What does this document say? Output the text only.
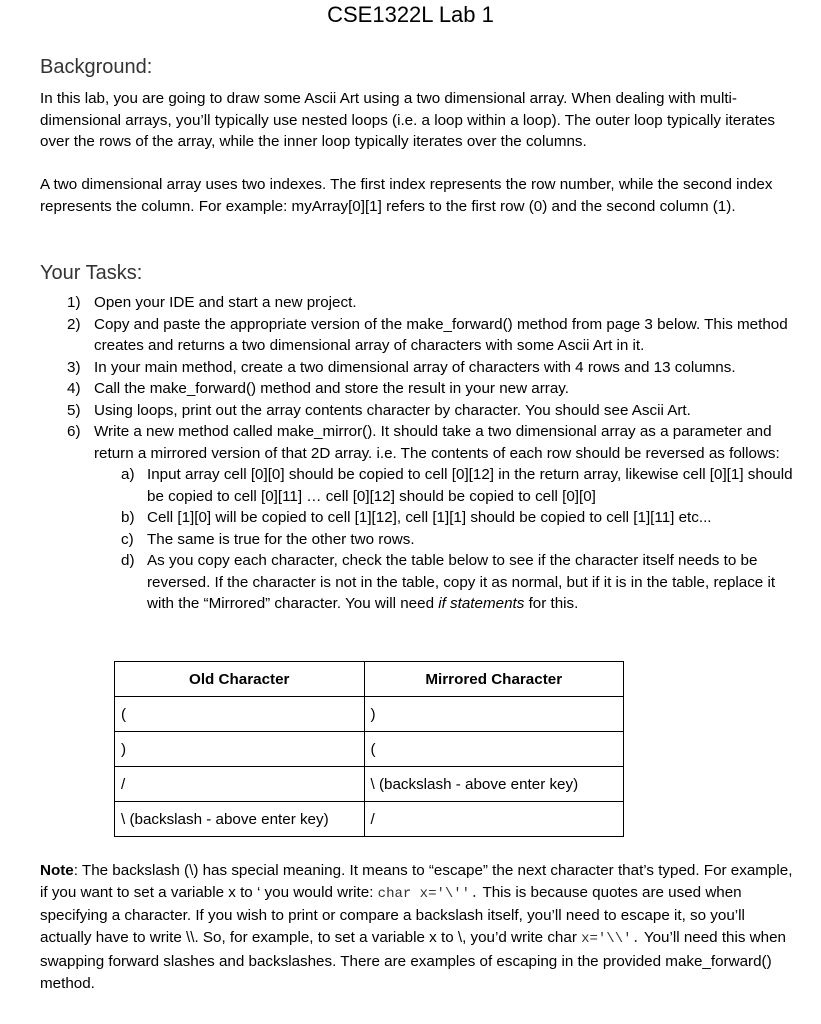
CSE1322L Lab 1
Background:
In this lab, you are going to draw some Ascii Art using a two dimensional array. When dealing with multi-dimensional arrays, you’ll typically use nested loops (i.e. a loop within a loop). The outer loop typically iterates over the rows of the array, while the inner loop typically iterates over the columns.
A two dimensional array uses two indexes. The first index represents the row number, while the second index represents the column. For example: myArray[0][1] refers to the first row (0) and the second column (1).
Your Tasks:
1) Open your IDE and start a new project.
2) Copy and paste the appropriate version of the make_forward() method from page 3 below. This method creates and returns a two dimensional array of characters with some Ascii Art in it.
3) In your main method, create a two dimensional array of characters with 4 rows and 13 columns.
4) Call the make_forward() method and store the result in your new array.
5) Using loops, print out the array contents character by character. You should see Ascii Art.
6) Write a new method called make_mirror(). It should take a two dimensional array as a parameter and return a mirrored version of that 2D array. i.e. The contents of each row should be reversed as follows:
a) Input array cell [0][0] should be copied to cell [0][12] in the return array, likewise cell [0][1] should be copied to cell [0][11] … cell [0][12] should be copied to cell [0][0]
b) Cell [1][0] will be copied to cell [1][12], cell [1][1] should be copied to cell [1][11] etc...
c) The same is true for the other two rows.
d) As you copy each character, check the table below to see if the character itself needs to be reversed. If the character is not in the table, copy it as normal, but if it is in the table, replace it with the “Mirrored” character. You will need if statements for this.
Old Character	Mirrored Character
(	)
)	(
/	\ (backslash - above enter key)
\ (backslash - above enter key)	/
Note: The backslash (\) has special meaning. It means to “escape” the next character that’s typed. For example, if you want to set a variable x to ‘ you would write: char x='\''. This is because quotes are used when specifying a character. If you wish to print or compare a backslash itself, you’ll need to escape it, so you’ll actually have to write \\. So, for example, to set a variable x to \, you’d write char x='\\'. You’ll need this when swapping forward slashes and backslashes. There are examples of escaping in the provided make_forward() method.
